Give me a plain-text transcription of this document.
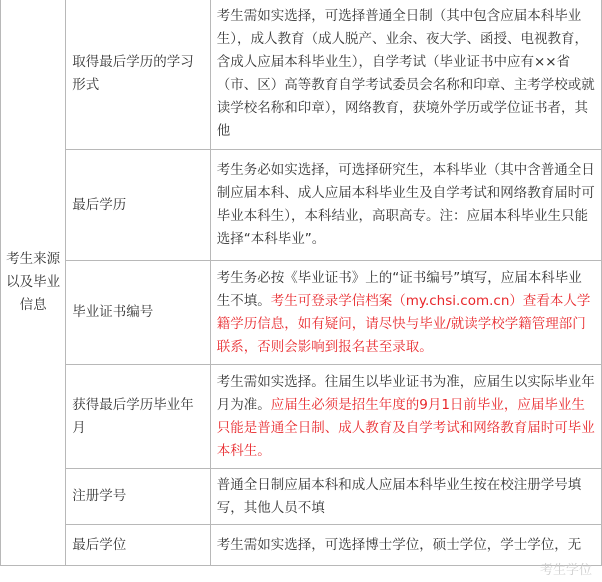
考生来源以及毕业信息	取得最后学历的学习形式	考生需如实选择，可选择普通全日制（其中包含应届本科毕业生），成人教育（成人脱产、业余、夜大学、函授、电视教育，含成人应届本科毕业生），自学考试（毕业证书中应有××省（市、区）高等教育自学考试委员会名称和印章、主考学校或就读学校名称和印章），网络教育，获境外学历或学位证书者，其他
	最后学历	考生务必如实选择，可选择研究生，本科毕业（其中含普通全日制应届本科、成人应届本科毕业生及自学考试和网络教育届时可毕业本科生），本科结业，高职高专。注：应届本科毕业生只能选择“本科毕业”。
	毕业证书编号	考生务必按《毕业证书》上的“证书编号”填写，应届本科毕业生不填。考生可登录学信档案（my.chsi.com.cn）查看本人学籍学历信息，如有疑问，请尽快与毕业/就读学校学籍管理部门联系，否则会影响到报名甚至录取。
	获得最后学历毕业年月	考生需如实选择。往届生以毕业证书为准，应届生以实际毕业年月为准。应届生必须是招生年度的9月1日前毕业，应届毕业生只能是普通全日制、成人教育及自学考试和网络教育届时可毕业本科生。
	注册学号	普通全日制应届本科和成人应届本科毕业生按在校注册学号填写，其他人员不填
	最后学位	考生需如实选择，可选择博士学位，硕士学位，学士学位，无
考生学位
